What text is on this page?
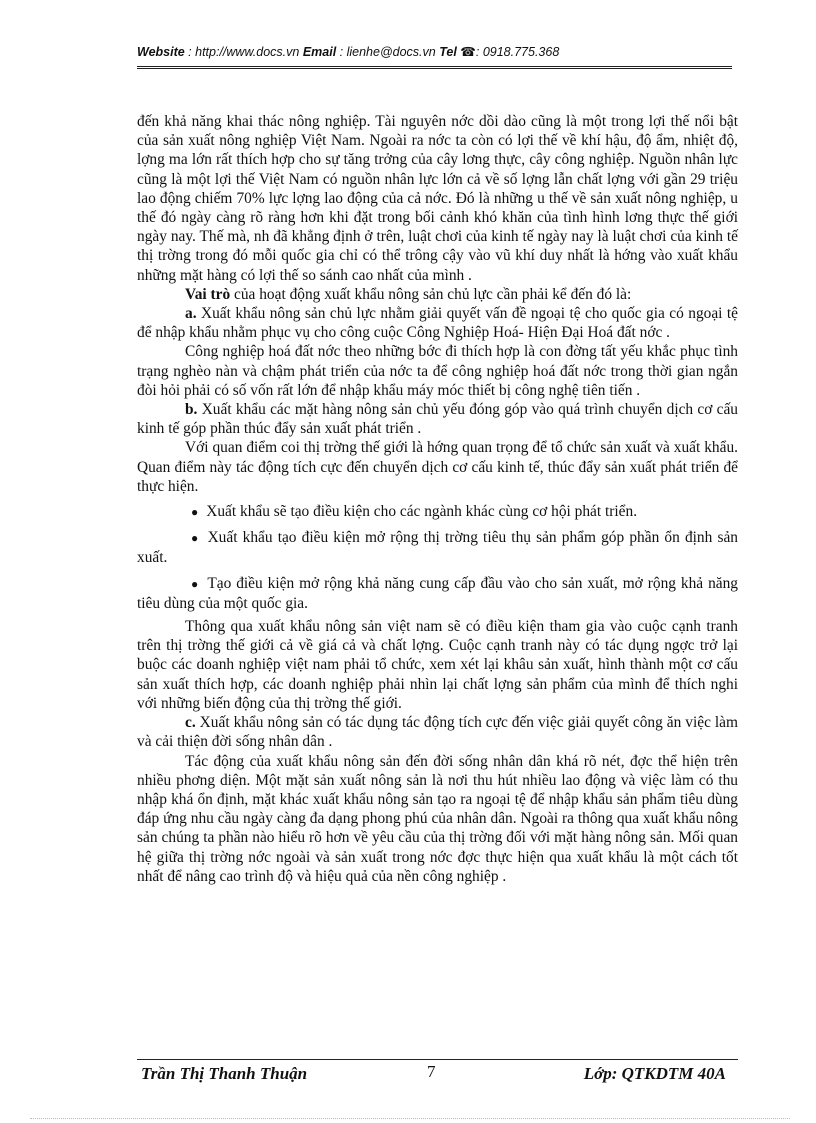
Website : http://www.docs.vn Email : lienhe@docs.vn Tel ☎: 0918.775.368

đến khả năng khai thác nông nghiệp. Tài nguyên nớc dồi dào cũng là một trong lợi thế nổi bật của sản xuất nông nghiệp Việt Nam. Ngoài ra nớc ta còn có lợi thế về khí hậu, độ ẩm, nhiệt độ, lợng ma lớn rất thích hợp cho sự tăng trởng của cây lơng thực, cây công nghiệp. Nguồn nhân lực cũng là một lợi thế Việt Nam có nguồn nhân lực lớn cả về số lợng lẫn chất lợng với gần 29 triệu lao động chiếm 70% lực lợng lao động của cả nớc. Đó là những u thế về sản xuất nông nghiệp, u thế đó ngày càng rõ ràng hơn khi đặt trong bối cảnh khó khăn của tình hình lơng thực thế giới ngày nay. Thế mà, nh đã khẳng định ở trên, luật chơi của kinh tế ngày nay là luật chơi của kinh tế thị trờng trong đó mỗi quốc gia chỉ có thể trông cậy vào vũ khí duy nhất là hớng vào xuất khẩu những mặt hàng có lợi thế so sánh cao nhất của mình .

Vai trò của hoạt động xuất khẩu nông sản chủ lực cần phải kể đến đó là:

a. Xuất khẩu nông sản chủ lực nhằm giải quyết vấn đề ngoại tệ cho quốc gia có ngoại tệ để nhập khẩu nhằm phục vụ cho công cuộc Công Nghiệp Hoá- Hiện Đại Hoá đất nớc .

Công nghiệp hoá đất nớc theo những bớc đi thích hợp là con đờng tất yếu khắc phục tình trạng nghèo nàn và chậm phát triển của nớc ta để công nghiệp hoá đất nớc trong thời gian ngắn đòi hỏi phải có số vốn rất lớn để nhập khẩu máy móc thiết bị công nghệ tiên tiến .

b. Xuất khẩu các mặt hàng nông sản chủ yếu đóng góp vào quá trình chuyển dịch cơ cấu kinh tế góp phần thúc đẩy sản xuất phát triển .

Với quan điểm coi thị trờng thế giới là hớng quan trọng để tổ chức sản xuất và xuất khẩu. Quan điểm này tác động tích cực đến chuyển dịch cơ cấu kinh tế, thúc đẩy sản xuất phát triển để thực hiện.

● Xuất khẩu sẽ tạo điều kiện cho các ngành khác cùng cơ hội phát triển.

● Xuất khẩu tạo điều kiện mở rộng thị trờng tiêu thụ sản phẩm góp phần ổn định sản xuất.

● Tạo điều kiện mở rộng khả năng cung cấp đầu vào cho sản xuất, mở rộng khả năng tiêu dùng của một quốc gia.

Thông qua xuất khẩu nông sản việt nam sẽ có điều kiện tham gia vào cuộc cạnh tranh trên thị trờng thế giới cả về giá cả và chất lợng. Cuộc cạnh tranh này có tác dụng ngợc trở lại buộc các doanh nghiệp việt nam phải tổ chức, xem xét lại khâu sản xuất, hình thành một cơ cấu sản xuất thích hợp, các doanh nghiệp phải nhìn lại chất lợng sản phẩm của mình để thích nghi với những biến động của thị trờng thế giới.

c. Xuất khẩu nông sản có tác dụng tác động tích cực đến việc giải quyết công ăn việc làm và cải thiện đời sống nhân dân .

Tác động của xuất khẩu nông sản đến đời sống nhân dân khá rõ nét, đợc thể hiện trên nhiều phơng diện. Một mặt sản xuất nông sản là nơi thu hút nhiều lao động và việc làm có thu nhập khá ổn định, mặt khác xuất khẩu nông sản tạo ra ngoại tệ để nhập khẩu sản phẩm tiêu dùng đáp ứng nhu cầu ngày càng đa dạng phong phú của nhân dân. Ngoài ra thông qua xuất khẩu nông sản chúng ta phần nào hiểu rõ hơn về yêu cầu của thị trờng đối với mặt hàng nông sản. Mối quan hệ giữa thị trờng nớc ngoài và sản xuất trong nớc đợc thực hiện qua xuất khẩu là một cách tốt nhất để nâng cao trình độ và hiệu quả của nền công nghiệp .

Trần Thị Thanh Thuận	7	Lớp: QTKDTM 40A
